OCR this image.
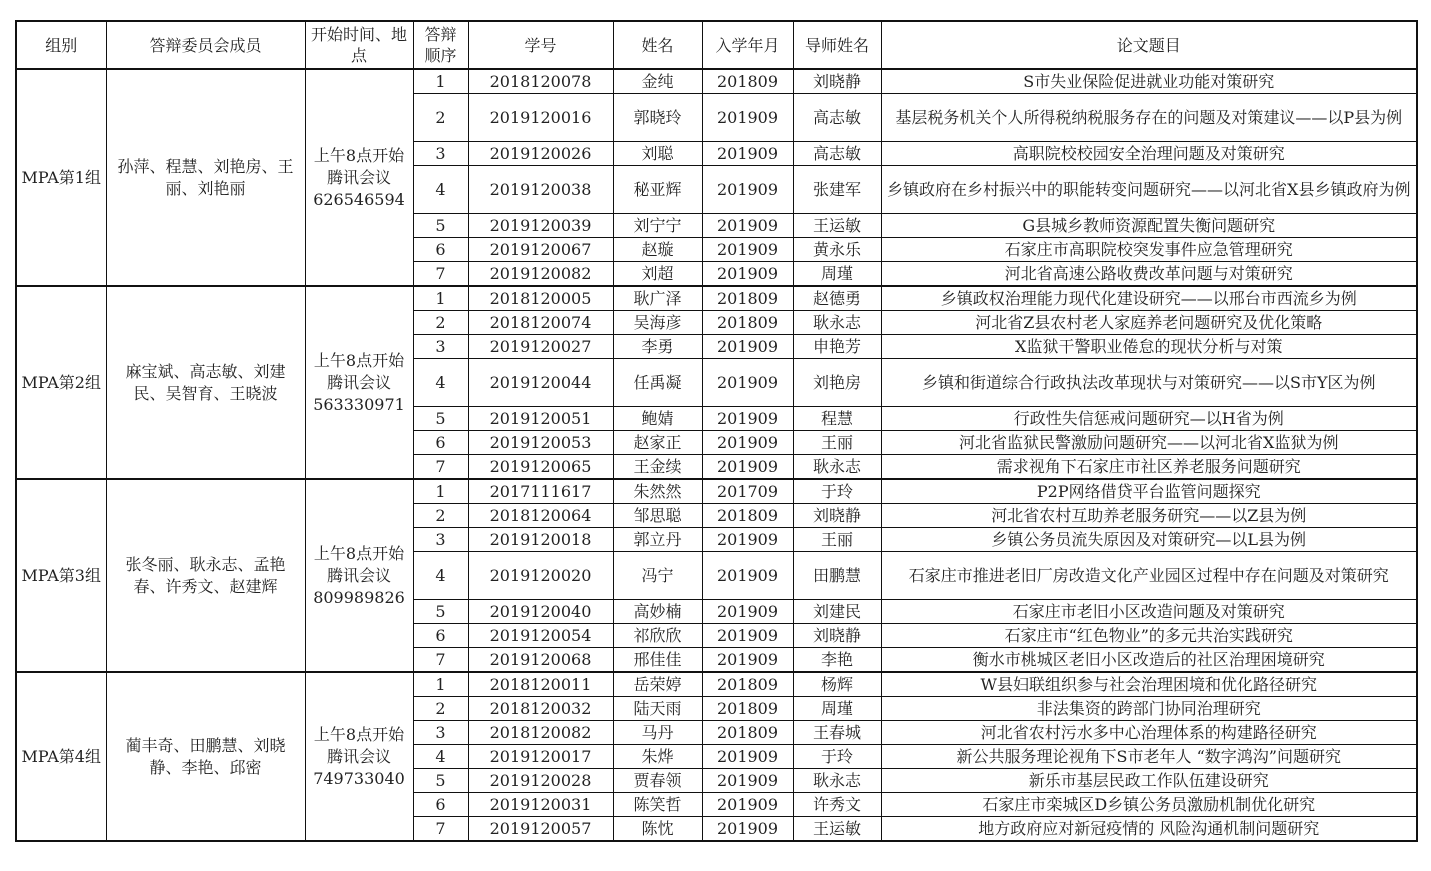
组别	答辩委员会成员	开始时间、地点	答辩顺序	学号	姓名	入学年月	导师姓名	论文题目
MPA第1组	孙萍、程慧、刘艳房、王丽、刘艳丽	上午8点开始 腾讯会议 626546594	1	2018120078	金纯	201809	刘晓静	S市失业保险促进就业功能对策研究
			2	2019120016	郭晓玲	201909	高志敏	基层税务机关个人所得税纳税服务存在的问题及对策建议——以P县为例
			3	2019120026	刘聪	201909	高志敏	高职院校校园安全治理问题及对策研究
			4	2019120038	秘亚辉	201909	张建军	乡镇政府在乡村振兴中的职能转变问题研究——以河北省X县乡镇政府为例
			5	2019120039	刘宁宁	201909	王运敏	G县城乡教师资源配置失衡问题研究
			6	2019120067	赵璇	201909	黄永乐	石家庄市高职院校突发事件应急管理研究
			7	2019120082	刘超	201909	周瑾	河北省高速公路收费改革问题与对策研究
MPA第2组	麻宝斌、高志敏、刘建民、吴智育、王晓波	上午8点开始 腾讯会议 563330971	1	2018120005	耿广泽	201809	赵德勇	乡镇政权治理能力现代化建设研究——以邢台市西流乡为例
			2	2018120074	吴海彦	201809	耿永志	河北省Z县农村老人家庭养老问题研究及优化策略
			3	2019120027	李勇	201909	申艳芳	X监狱干警职业倦怠的现状分析与对策
			4	2019120044	任禹凝	201909	刘艳房	乡镇和街道综合行政执法改革现状与对策研究——以S市Y区为例
			5	2019120051	鲍婧	201909	程慧	行政性失信惩戒问题研究—以H省为例
			6	2019120053	赵家正	201909	王丽	河北省监狱民警激励问题研究——以河北省X监狱为例
			7	2019120065	王金续	201909	耿永志	需求视角下石家庄市社区养老服务问题研究
MPA第3组	张冬丽、耿永志、孟艳春、许秀文、赵建辉	上午8点开始 腾讯会议 809989826	1	2017111617	朱然然	201709	于玲	P2P网络借贷平台监管问题探究
			2	2018120064	邹思聪	201809	刘晓静	河北省农村互助养老服务研究——以Z县为例
			3	2019120018	郭立丹	201909	王丽	乡镇公务员流失原因及对策研究—以L县为例
			4	2019120020	冯宁	201909	田鹏慧	石家庄市推进老旧厂房改造文化产业园区过程中存在问题及对策研究
			5	2019120040	高妙楠	201909	刘建民	石家庄市老旧小区改造问题及对策研究
			6	2019120054	祁欣欣	201909	刘晓静	石家庄市“红色物业”的多元共治实践研究
			7	2019120068	邢佳佳	201909	李艳	衡水市桃城区老旧小区改造后的社区治理困境研究
MPA第4组	蔺丰奇、田鹏慧、刘晓静、李艳、邱密	上午8点开始 腾讯会议 749733040	1	2018120011	岳荣婷	201809	杨辉	W县妇联组织参与社会治理困境和优化路径研究
			2	2018120032	陆天雨	201809	周瑾	非法集资的跨部门协同治理研究
			3	2018120082	马丹	201809	王春城	河北省农村污水多中心治理体系的构建路径研究
			4	2019120017	朱烨	201909	于玲	新公共服务理论视角下S市老年人 “数字鸿沟”问题研究
			5	2019120028	贾春领	201909	耿永志	新乐市基层民政工作队伍建设研究
			6	2019120031	陈笑哲	201909	许秀文	石家庄市栾城区D乡镇公务员激励机制优化研究
			7	2019120057	陈忱	201909	王运敏	地方政府应对新冠疫情的 风险沟通机制问题研究
